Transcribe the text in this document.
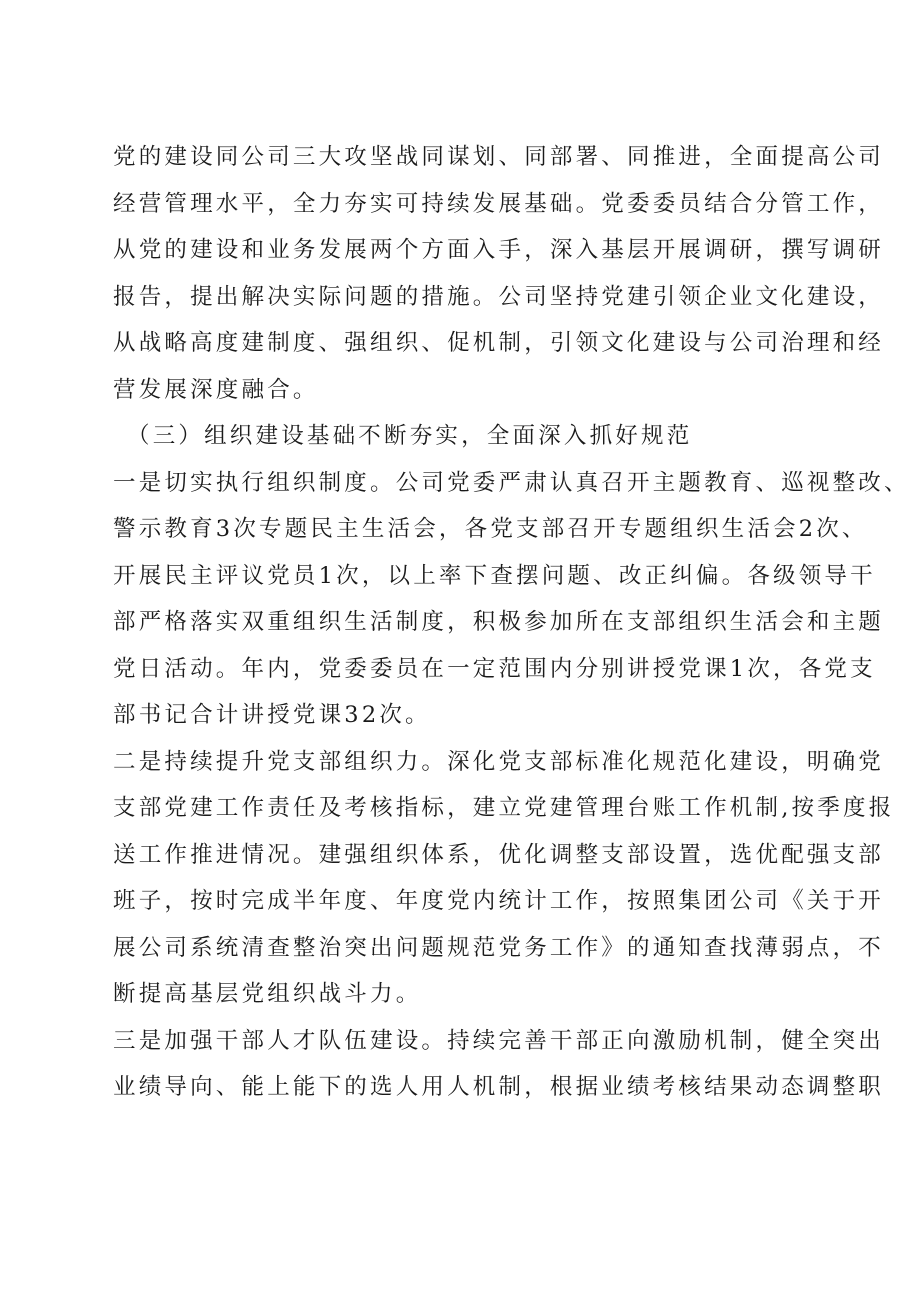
党的建设同公司三大攻坚战同谋划、同部署、同推进，全面提高公司
经营管理水平，全力夯实可持续发展基础。党委委员结合分管工作，
从党的建设和业务发展两个方面入手，深入基层开展调研，撰写调研
报告，提出解决实际问题的措施。公司坚持党建引领企业文化建设，
从战略高度建制度、强组织、促机制，引领文化建设与公司治理和经
营发展深度融合。

（三）组织建设基础不断夯实，全面深入抓好规范

一是切实执行组织制度。公司党委严肃认真召开主题教育、巡视整改、
警示教育3次专题民主生活会，各党支部召开专题组织生活会2次、
开展民主评议党员1次，以上率下查摆问题、改正纠偏。各级领导干
部严格落实双重组织生活制度，积极参加所在支部组织生活会和主题
党日活动。年内，党委委员在一定范围内分别讲授党课1次，各党支
部书记合计讲授党课32次。

二是持续提升党支部组织力。深化党支部标准化规范化建设，明确党
支部党建工作责任及考核指标，建立党建管理台账工作机制,按季度报
送工作推进情况。建强组织体系，优化调整支部设置，选优配强支部
班子，按时完成半年度、年度党内统计工作，按照集团公司《关于开
展公司系统清查整治突出问题规范党务工作》的通知查找薄弱点，不
断提高基层党组织战斗力。

三是加强干部人才队伍建设。持续完善干部正向激励机制，健全突出
业绩导向、能上能下的选人用人机制，根据业绩考核结果动态调整职
